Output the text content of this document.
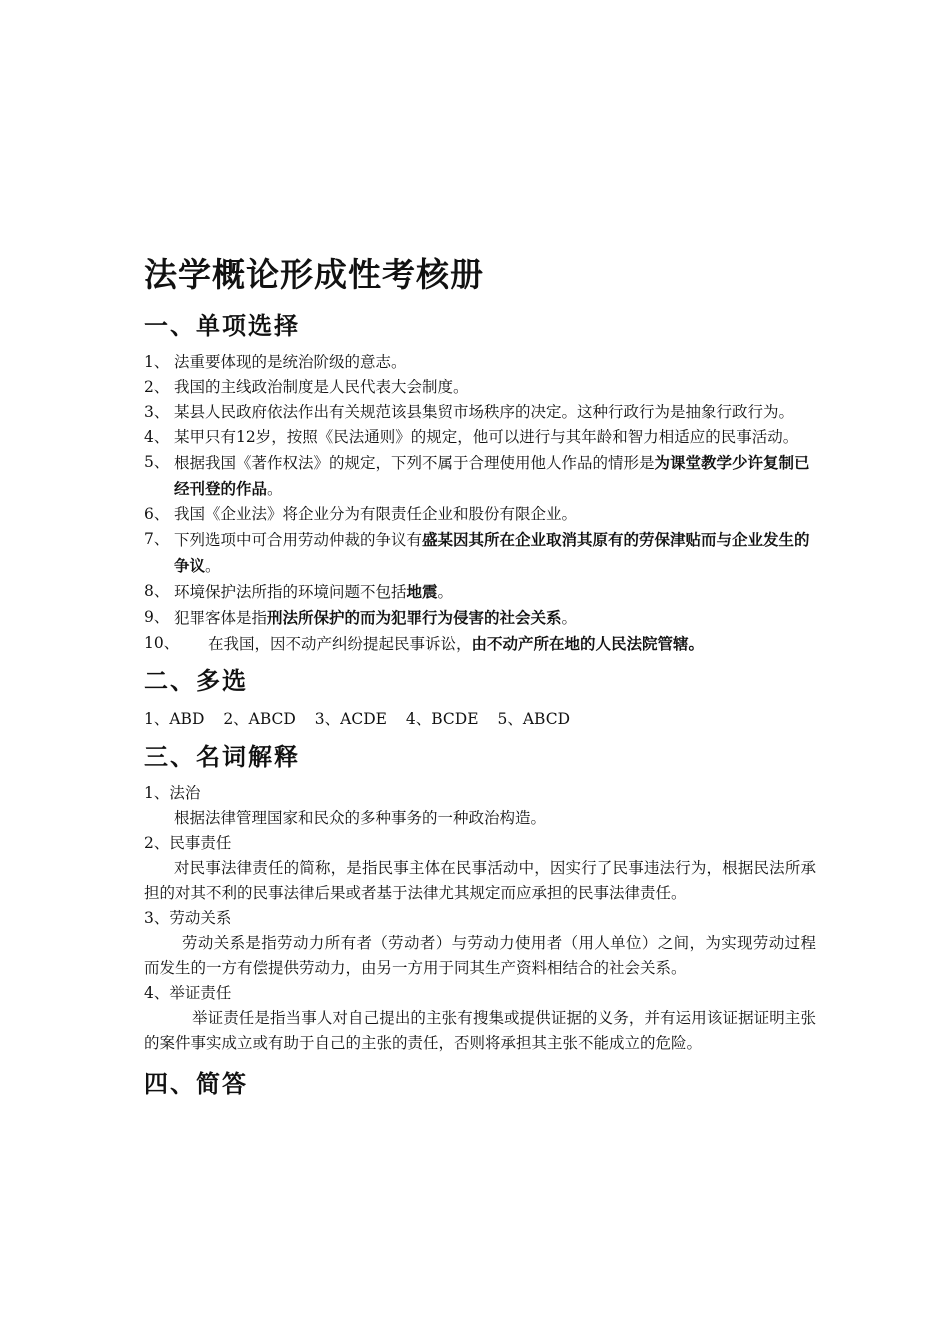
法学概论形成性考核册
一、单项选择
1、 法重要体现的是统治阶级的意志。
2、 我国的主线政治制度是人民代表大会制度。
3、 某县人民政府依法作出有关规范该县集贸市场秩序的决定。这种行政行为是抽象行政行为。
4、 某甲只有12岁，按照《民法通则》的规定，他可以进行与其年龄和智力相适应的民事活动。
5、 根据我国《著作权法》的规定，下列不属于合理使用他人作品的情形是为课堂教学少许复制已经刊登的作品。
6、 我国《企业法》将企业分为有限责任企业和股份有限企业。
7、 下列选项中可合用劳动仲裁的争议有盛某因其所在企业取消其原有的劳保津贴而与企业发生的争议。
8、 环境保护法所指的环境问题不包括地震。
9、 犯罪客体是指刑法所保护的而为犯罪行为侵害的社会关系。
10、 在我国，因不动产纠纷提起民事诉讼，由不动产所在地的人民法院管辖。
二、多选
1、ABD 2、ABCD 3、ACDE 4、BCDE 5、ABCD
三、名词解释
1、法治
根据法律管理国家和民众的多种事务的一种政治构造。
2、民事责任
对民事法律责任的简称，是指民事主体在民事活动中，因实行了民事违法行为，根据民法所承担的对其不利的民事法律后果或者基于法律尤其规定而应承担的民事法律责任。
3、劳动关系
劳动关系是指劳动力所有者（劳动者）与劳动力使用者（用人单位）之间，为实现劳动过程而发生的一方有偿提供劳动力，由另一方用于同其生产资料相结合的社会关系。
4、举证责任
举证责任是指当事人对自己提出的主张有搜集或提供证据的义务，并有运用该证据证明主张的案件事实成立或有助于自己的主张的责任，否则将承担其主张不能成立的危险。
四、简答
